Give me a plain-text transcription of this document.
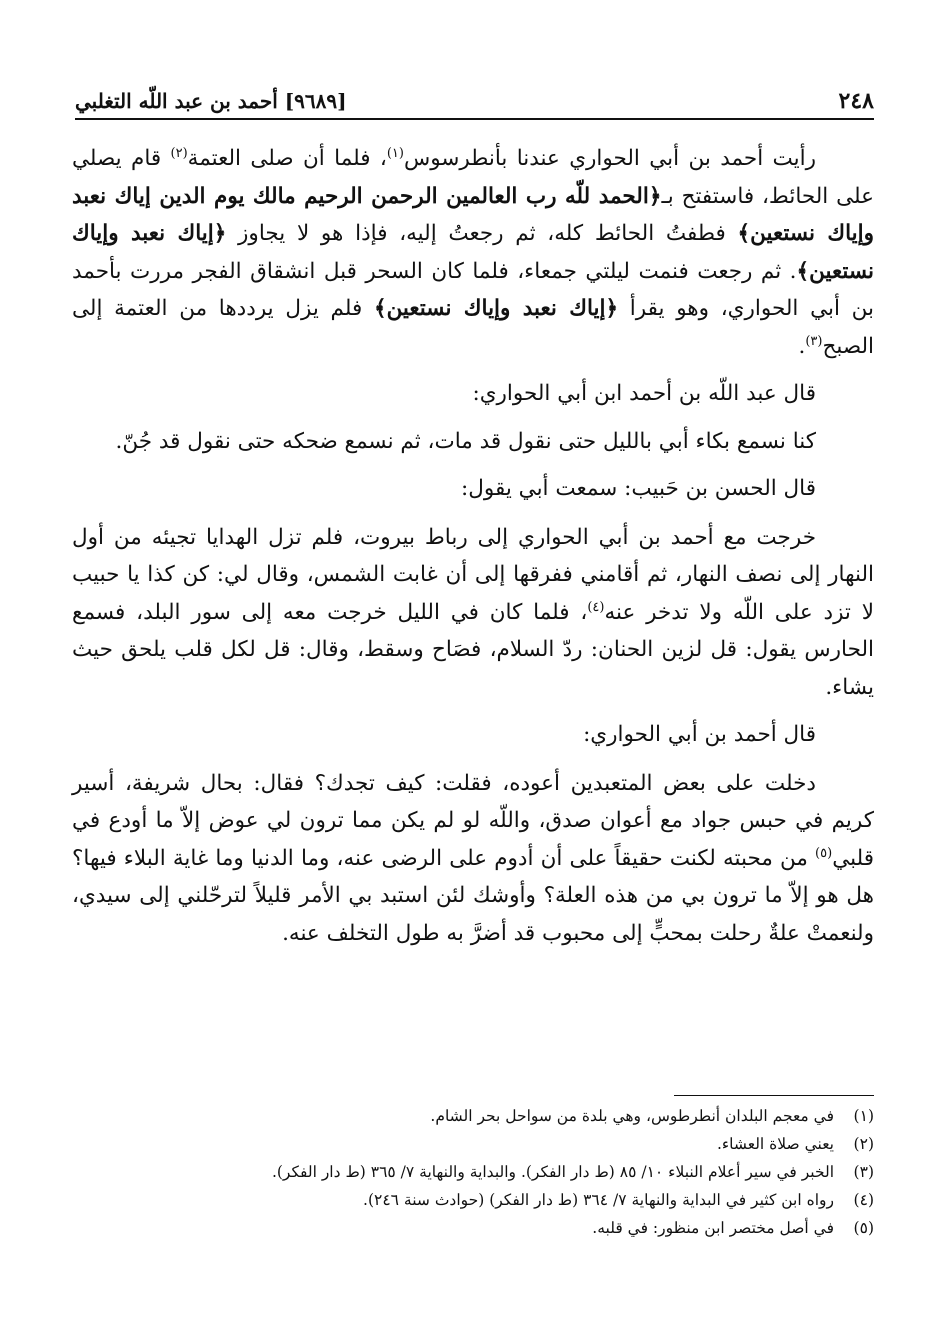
٢٤٨
[٩٦٨٩] أحمد بن عبد اللّه التغلبي

رأيت أحمد بن أبي الحواري عندنا بأنطرسوس$^{(١)}$، فلما أن صلى العتمة$^{(٢)}$ قام يصلي على الحائط، فاستفتح بـ﴿الحمد للّه رب العالمين الرحمن الرحيم مالك يوم الدين إياك نعبد وإياك نستعين﴾ فطفتُ الحائط كله، ثم رجعتُ إليه، فإذا هو لا يجاوز ﴿إياك نعبد وإياك نستعين﴾. ثم رجعت فنمت ليلتي جمعاء، فلما كان السحر قبل انشقاق الفجر مررت بأحمد بن أبي الحواري، وهو يقرأ ﴿إياك نعبد وإياك نستعين﴾ فلم يزل يرددها من العتمة إلى الصبح$^{(٣)}$.

قال عبد اللّه بن أحمد ابن أبي الحواري:

كنا نسمع بكاء أبي بالليل حتى نقول قد مات، ثم نسمع ضحكه حتى نقول قد جُنّ.

قال الحسن بن حَبيب: سمعت أبي يقول:

خرجت مع أحمد بن أبي الحواري إلى رباط بيروت، فلم تزل الهدايا تجيئه من أول النهار إلى نصف النهار، ثم أقامني ففرقها إلى أن غابت الشمس، وقال لي: كن كذا يا حبيب لا تزد على اللّه ولا تدخر عنه$^{(٤)}$، فلما كان في الليل خرجت معه إلى سور البلد، فسمع الحارس يقول: قل لزين الحنان: ردّ السلام، فصَاح وسقط، وقال: قل لكل قلب يلحق حيث يشاء.

قال أحمد بن أبي الحواري:

دخلت على بعض المتعبدين أعوده، فقلت: كيف تجدك؟ فقال: بحال شريفة، أسير كريم في حبس جواد مع أعوان صدق، واللّه لو لم يكن مما ترون لي عوض إلاّ ما أودع في قلبي$^{(٥)}$ من محبته لكنت حقيقاً على أن أدوم على الرضى عنه، وما الدنيا وما غاية البلاء فيها؟ هل هو إلاّ ما ترون بي من هذه العلة؟ وأوشك لئن استبد بي الأمر قليلاً لترحّلني إلى سيدي، ولنعمتْ علةٌ رحلت بمحبٍّ إلى محبوب قد أضرَّ به طول التخلف عنه.

(١)
في معجم البلدان أنطرطوس، وهي بلدة من سواحل بحر الشام.
(٢)
يعني صلاة العشاء.
(٣)
الخبر في سير أعلام النبلاء ١٠/ ٨٥ (ط دار الفكر). والبداية والنهاية ٧/ ٣٦٥ (ط دار الفكر).
(٤)
رواه ابن كثير في البداية والنهاية ٧/ ٣٦٤ (ط دار الفكر) (حوادث سنة ٢٤٦).
(٥)
في أصل مختصر ابن منظور: في قلبه.
